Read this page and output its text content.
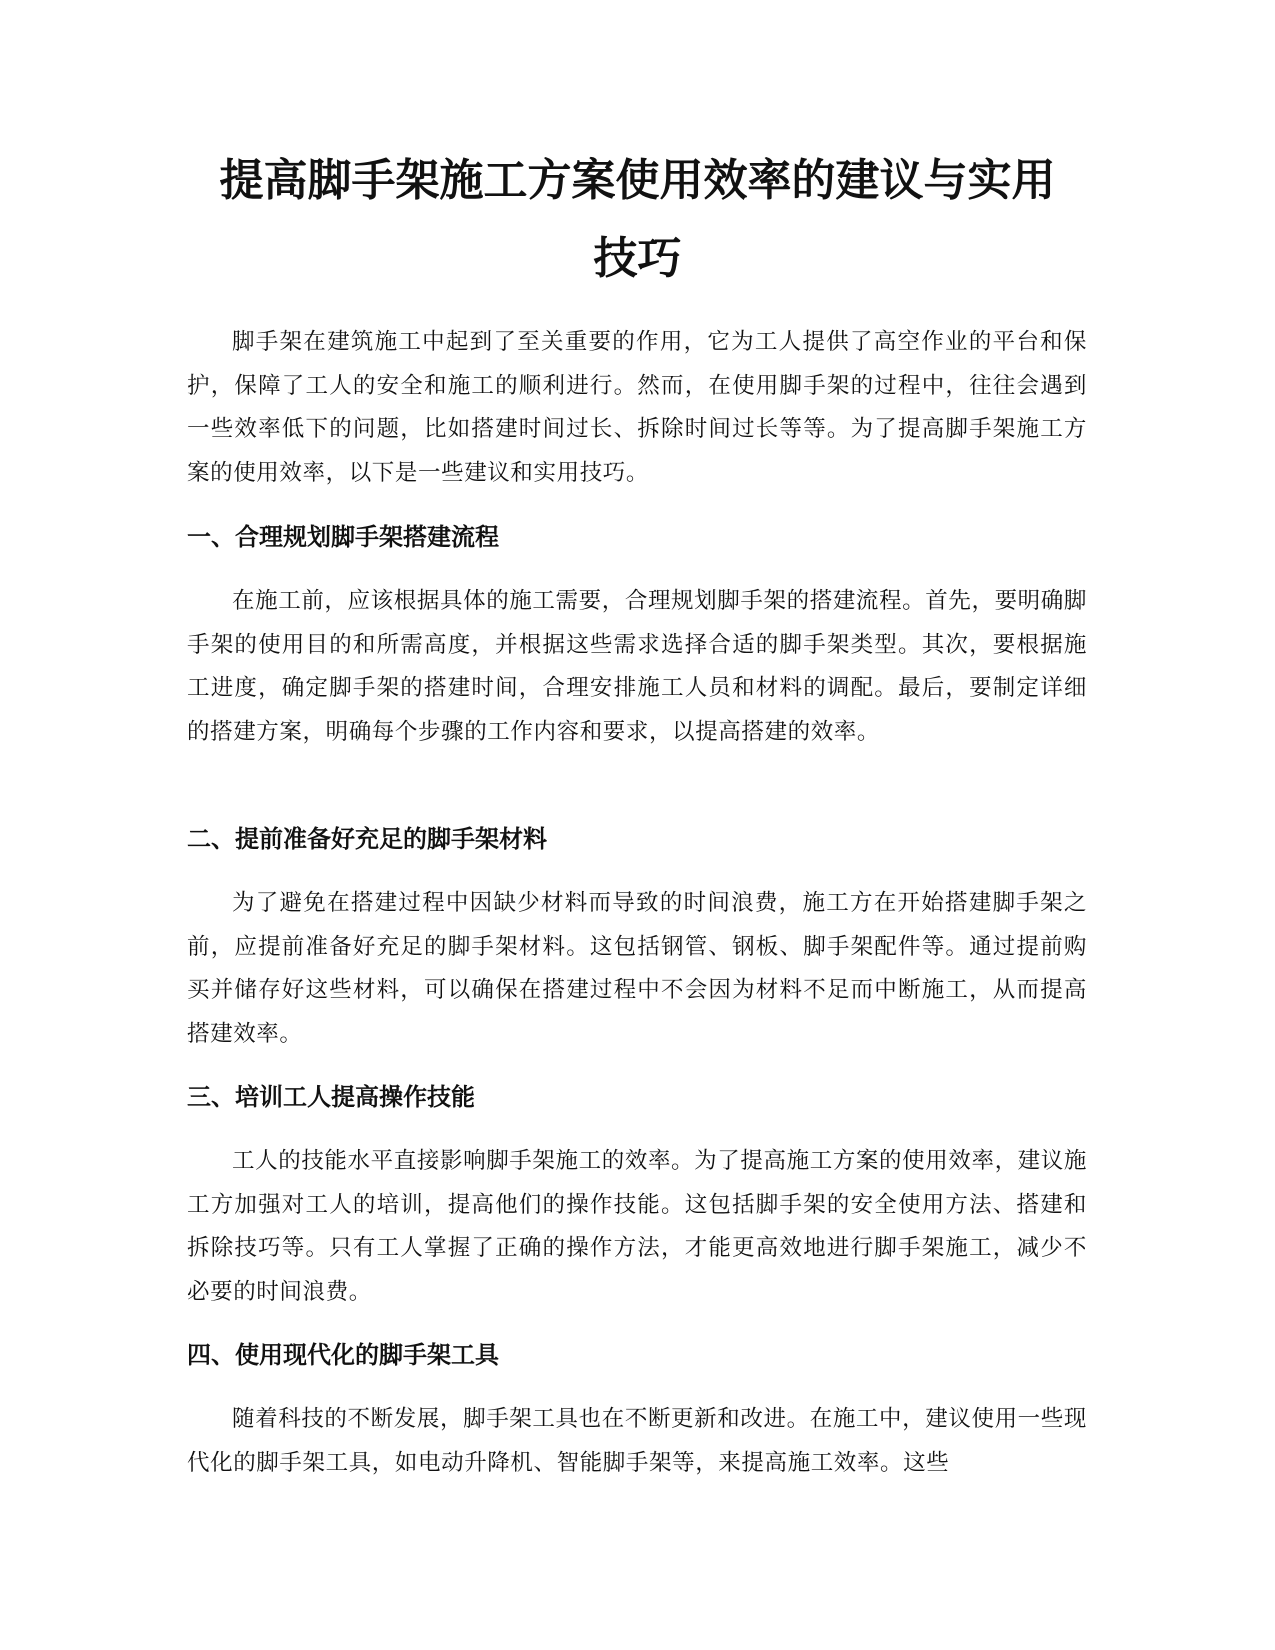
提高脚手架施工方案使用效率的建议与实用
技巧

脚手架在建筑施工中起到了至关重要的作用，它为工人提供了高空作业的平台和保护，保障了工人的安全和施工的顺利进行。然而，在使用脚手架的过程中，往往会遇到一些效率低下的问题，比如搭建时间过长、拆除时间过长等等。为了提高脚手架施工方案的使用效率，以下是一些建议和实用技巧。

一、合理规划脚手架搭建流程

在施工前，应该根据具体的施工需要，合理规划脚手架的搭建流程。首先，要明确脚手架的使用目的和所需高度，并根据这些需求选择合适的脚手架类型。其次，要根据施工进度，确定脚手架的搭建时间，合理安排施工人员和材料的调配。最后，要制定详细的搭建方案，明确每个步骤的工作内容和要求，以提高搭建的效率。

二、提前准备好充足的脚手架材料

为了避免在搭建过程中因缺少材料而导致的时间浪费，施工方在开始搭建脚手架之前，应提前准备好充足的脚手架材料。这包括钢管、钢板、脚手架配件等。通过提前购买并储存好这些材料，可以确保在搭建过程中不会因为材料不足而中断施工，从而提高搭建效率。

三、培训工人提高操作技能

工人的技能水平直接影响脚手架施工的效率。为了提高施工方案的使用效率，建议施工方加强对工人的培训，提高他们的操作技能。这包括脚手架的安全使用方法、搭建和拆除技巧等。只有工人掌握了正确的操作方法，才能更高效地进行脚手架施工，减少不必要的时间浪费。

四、使用现代化的脚手架工具

随着科技的不断发展，脚手架工具也在不断更新和改进。在施工中，建议使用一些现代化的脚手架工具，如电动升降机、智能脚手架等，来提高施工效率。这些
